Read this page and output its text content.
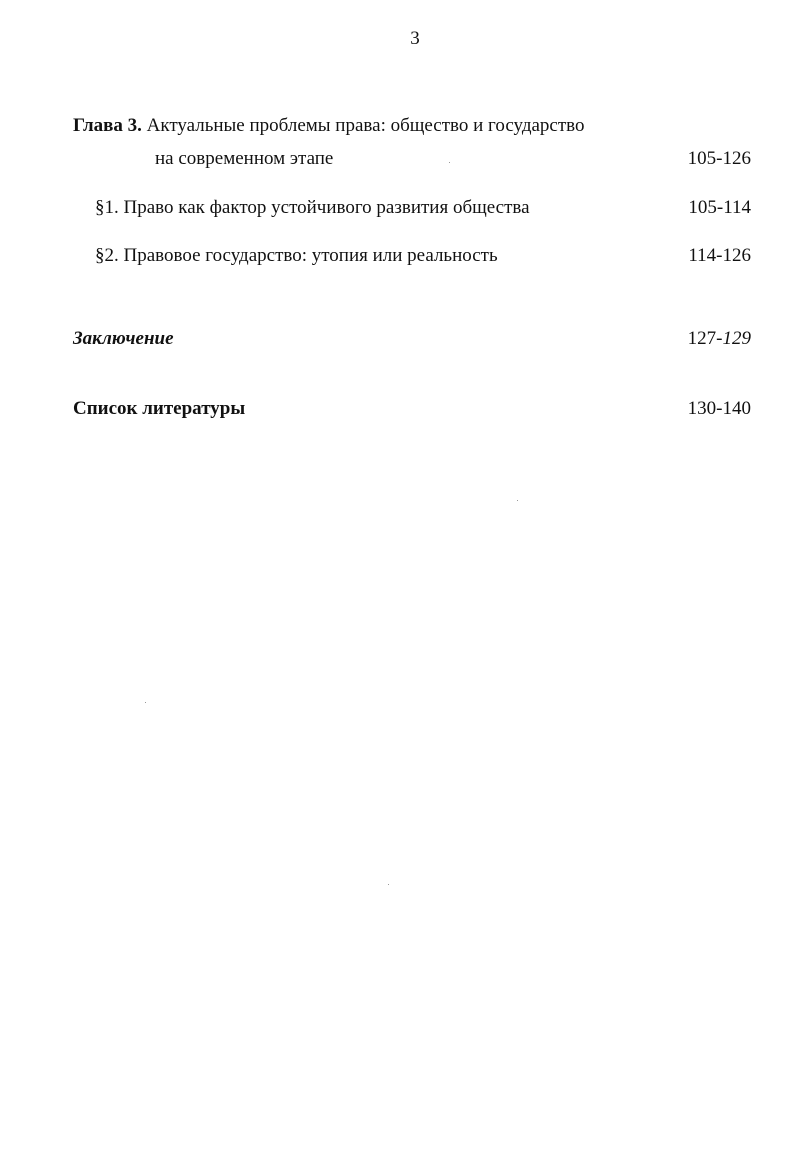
3
Глава 3. Актуальные проблемы права: общество и государство
на современном этапе	105-126
§1. Право как фактор устойчивого развития общества	105-114
§2. Правовое государство: утопия или реальность	114-126
Заключение	127-129
Список литературы	130-140
